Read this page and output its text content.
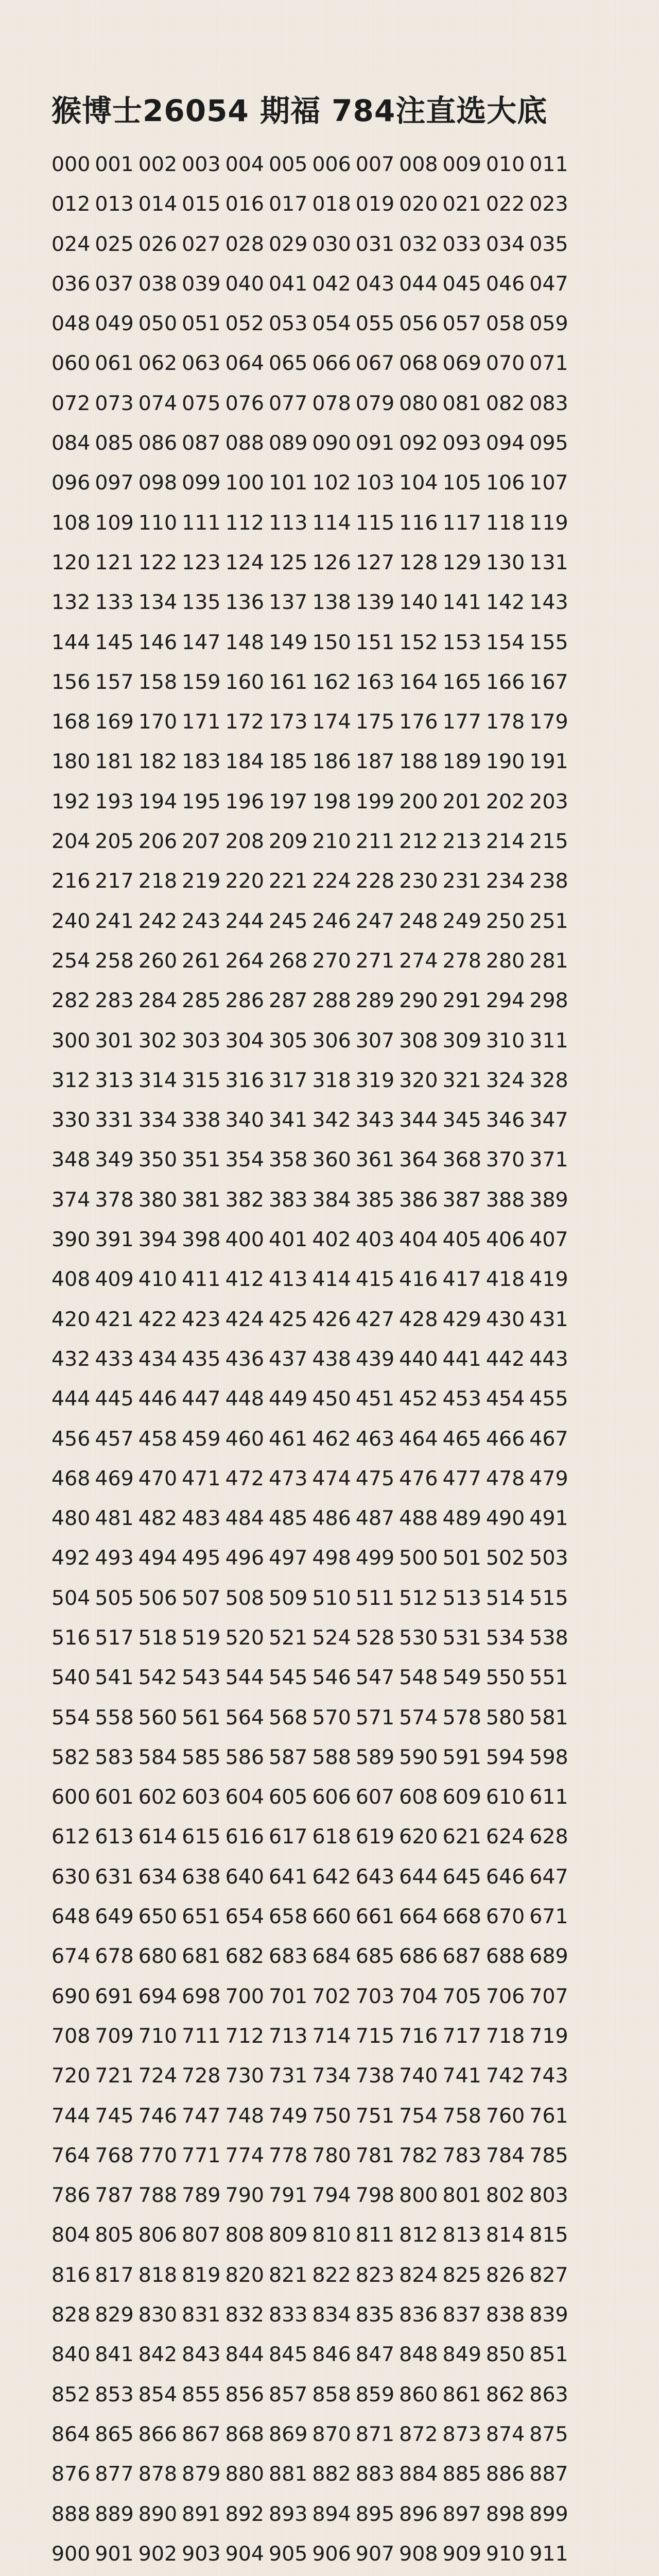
猴博士26054 期福 784注直选大底
000 001 002 003 004 005 006 007 008 009 010 011
012 013 014 015 016 017 018 019 020 021 022 023
024 025 026 027 028 029 030 031 032 033 034 035
036 037 038 039 040 041 042 043 044 045 046 047
048 049 050 051 052 053 054 055 056 057 058 059
060 061 062 063 064 065 066 067 068 069 070 071
072 073 074 075 076 077 078 079 080 081 082 083
084 085 086 087 088 089 090 091 092 093 094 095
096 097 098 099 100 101 102 103 104 105 106 107
108 109 110 111 112 113 114 115 116 117 118 119
120 121 122 123 124 125 126 127 128 129 130 131
132 133 134 135 136 137 138 139 140 141 142 143
144 145 146 147 148 149 150 151 152 153 154 155
156 157 158 159 160 161 162 163 164 165 166 167
168 169 170 171 172 173 174 175 176 177 178 179
180 181 182 183 184 185 186 187 188 189 190 191
192 193 194 195 196 197 198 199 200 201 202 203
204 205 206 207 208 209 210 211 212 213 214 215
216 217 218 219 220 221 224 228 230 231 234 238
240 241 242 243 244 245 246 247 248 249 250 251
254 258 260 261 264 268 270 271 274 278 280 281
282 283 284 285 286 287 288 289 290 291 294 298
300 301 302 303 304 305 306 307 308 309 310 311
312 313 314 315 316 317 318 319 320 321 324 328
330 331 334 338 340 341 342 343 344 345 346 347
348 349 350 351 354 358 360 361 364 368 370 371
374 378 380 381 382 383 384 385 386 387 388 389
390 391 394 398 400 401 402 403 404 405 406 407
408 409 410 411 412 413 414 415 416 417 418 419
420 421 422 423 424 425 426 427 428 429 430 431
432 433 434 435 436 437 438 439 440 441 442 443
444 445 446 447 448 449 450 451 452 453 454 455
456 457 458 459 460 461 462 463 464 465 466 467
468 469 470 471 472 473 474 475 476 477 478 479
480 481 482 483 484 485 486 487 488 489 490 491
492 493 494 495 496 497 498 499 500 501 502 503
504 505 506 507 508 509 510 511 512 513 514 515
516 517 518 519 520 521 524 528 530 531 534 538
540 541 542 543 544 545 546 547 548 549 550 551
554 558 560 561 564 568 570 571 574 578 580 581
582 583 584 585 586 587 588 589 590 591 594 598
600 601 602 603 604 605 606 607 608 609 610 611
612 613 614 615 616 617 618 619 620 621 624 628
630 631 634 638 640 641 642 643 644 645 646 647
648 649 650 651 654 658 660 661 664 668 670 671
674 678 680 681 682 683 684 685 686 687 688 689
690 691 694 698 700 701 702 703 704 705 706 707
708 709 710 711 712 713 714 715 716 717 718 719
720 721 724 728 730 731 734 738 740 741 742 743
744 745 746 747 748 749 750 751 754 758 760 761
764 768 770 771 774 778 780 781 782 783 784 785
786 787 788 789 790 791 794 798 800 801 802 803
804 805 806 807 808 809 810 811 812 813 814 815
816 817 818 819 820 821 822 823 824 825 826 827
828 829 830 831 832 833 834 835 836 837 838 839
840 841 842 843 844 845 846 847 848 849 850 851
852 853 854 855 856 857 858 859 860 861 862 863
864 865 866 867 868 869 870 871 872 873 874 875
876 877 878 879 880 881 882 883 884 885 886 887
888 889 890 891 892 893 894 895 896 897 898 899
900 901 902 903 904 905 906 907 908 909 910 911
